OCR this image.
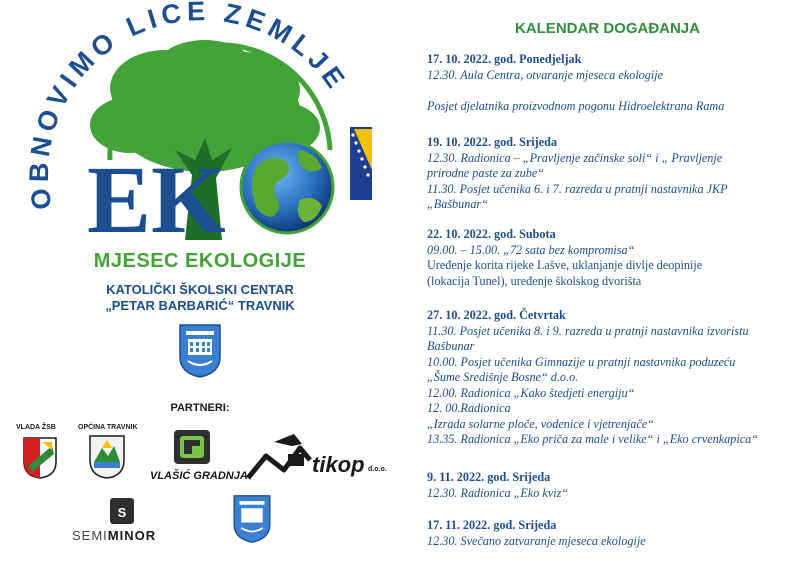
OBNOVIMO LICE ZEMLJE
EK
MJESEC EKOLOGIJE
KATOLIČKI ŠKOLSKI CENTAR
„PETAR BARBARIĆ“ TRAVNIK
PARTNERI:
VLADA ŽSB	OPĆINA TRAVNIK
VLAŠIĆ GRADNJA	tikop d.o.o.
S
SEMIMINOR
KALENDAR DOGAĐANJA
17. 10. 2022. god. Ponedjeljak
12.30. Aula Centra, otvaranje mjeseca ekologije

Posjet djelatnika proizvodnom pogonu Hidroelektrana Rama
19. 10. 2022. god. Srijeda
12.30. Radionica – „Pravljenje začinske soli“ i „ Pravljenje
prirodne paste za zube“
11.30. Posjet učenika 6. i 7. razreda u pratnji nastavnika JKP
„Bašbunar“
22. 10. 2022. god. Subota
09.00. – 15.00. „72 sata bez kompromisa“
Uređenje korita rijeke Lašve, uklanjanje divlje deopinije
(lokacija Tunel), uređenje školskog dvorišta
27. 10. 2022. god. Četvrtak
11.30. Posjet učenika 8. i 9. razreda u pratnji nastavnika izvoristu
Bašbunar
10.00. Posjet učenika Gimnazije u pratnji nastavnika poduzeću
„Šume Središnje Bosne“ d.o.o.
12.00. Radionica „Kako štedjeti energiju“
12. 00.Radionica
„Izrada solarne ploče, vodenice i vjetrenjače“
13.35. Radionica „Eko priča za male i velike“ i „Eko crvenkapica“
9. 11. 2022. god. Srijeda
12.30. Radionica „Eko kviz“
17. 11. 2022. god. Srijeda
12.30. Svečano zatvaranje mjeseca ekologije
